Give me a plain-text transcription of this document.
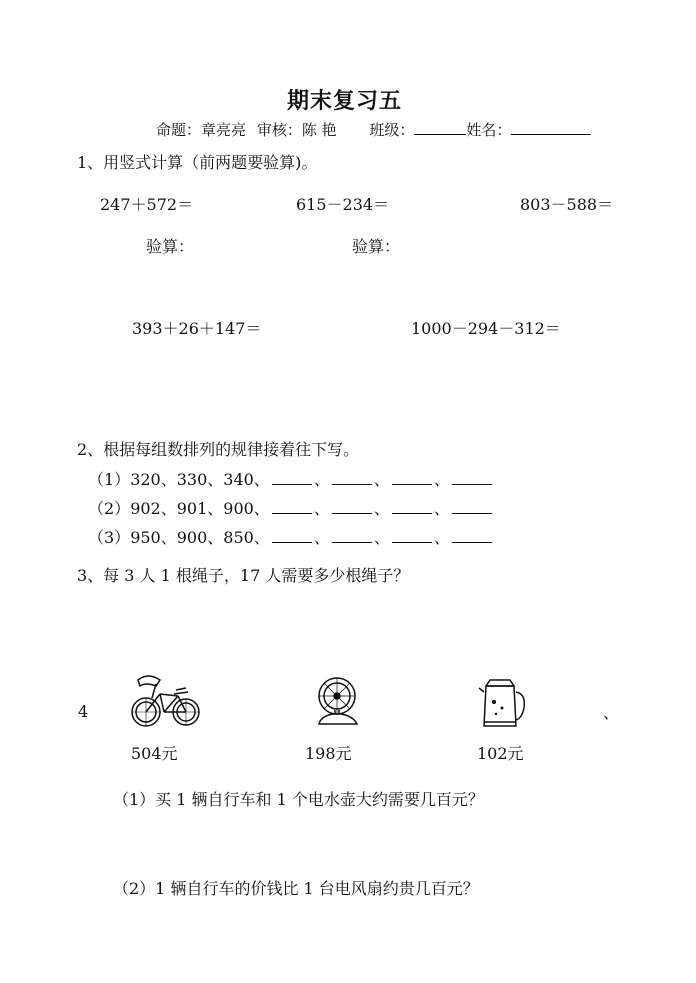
期末复习五
命题：章亮亮 审核：陈 艳 班级：	姓名：
1、用竖式计算（前两题要验算)。
247＋572＝	615－234＝	803－588＝
验算：	验算：
393＋26＋147＝	1000－294－312＝
2、根据每组数排列的规律接着往下写。
（1）320、330、340、	、	、	、
（2）902、901、900、	、	、	、
（3）950、900、850、	、	、	、
3、每 3 人 1 根绳子，17 人需要多少根绳子？
4	、
504元	198元	102元
（1）买 1 辆自行车和 1 个电水壶大约需要几百元？
（2）1 辆自行车的价钱比 1 台电风扇约贵几百元？
